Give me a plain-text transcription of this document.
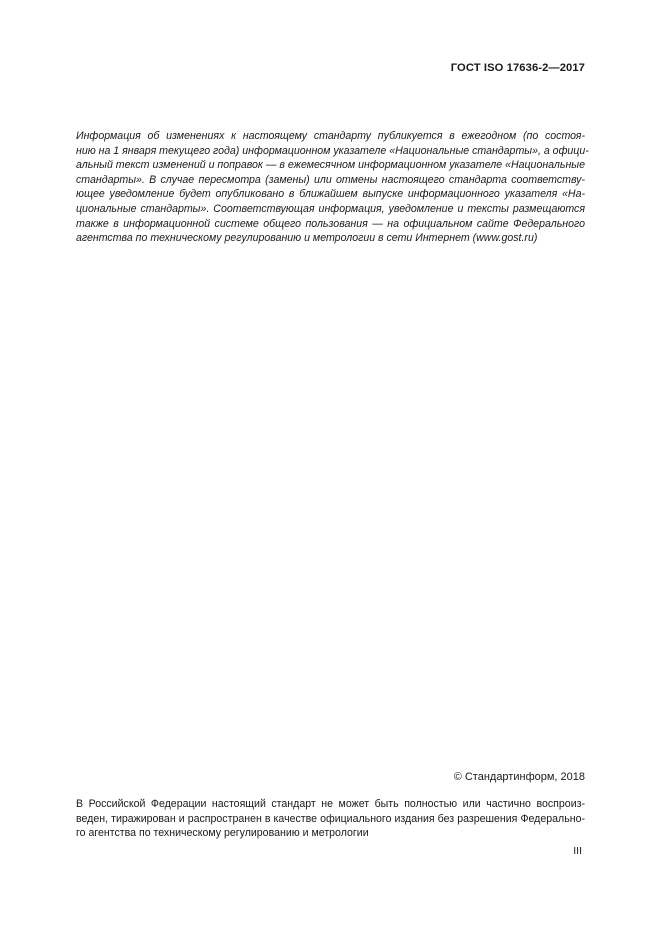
ГОСТ ISO 17636-2—2017
Информация об изменениях к настоящему стандарту публикуется в ежегодном (по состоя-
нию на 1 января текущего года) информационном указателе «Национальные стандарты», а офици-
альный текст изменений и поправок — в ежемесячном информационном указателе «Национальные
стандарты». В случае пересмотра (замены) или отмены настоящего стандарта соответству-
ющее уведомление будет опубликовано в ближайшем выпуске информационного указателя «На-
циональные стандарты». Соответствующая информация, уведомление и тексты размещаются
также в информационной системе общего пользования — на официальном сайте Федерального
агентства по техническому регулированию и метрологии в сети Интернет (www.gost.ru)
© Стандартинформ, 2018
В Российской Федерации настоящий стандарт не может быть полностью или частично воспроиз-
веден, тиражирован и распространен в качестве официального издания без разрешения Федерально-
го агентства по техническому регулированию и метрологии
III
